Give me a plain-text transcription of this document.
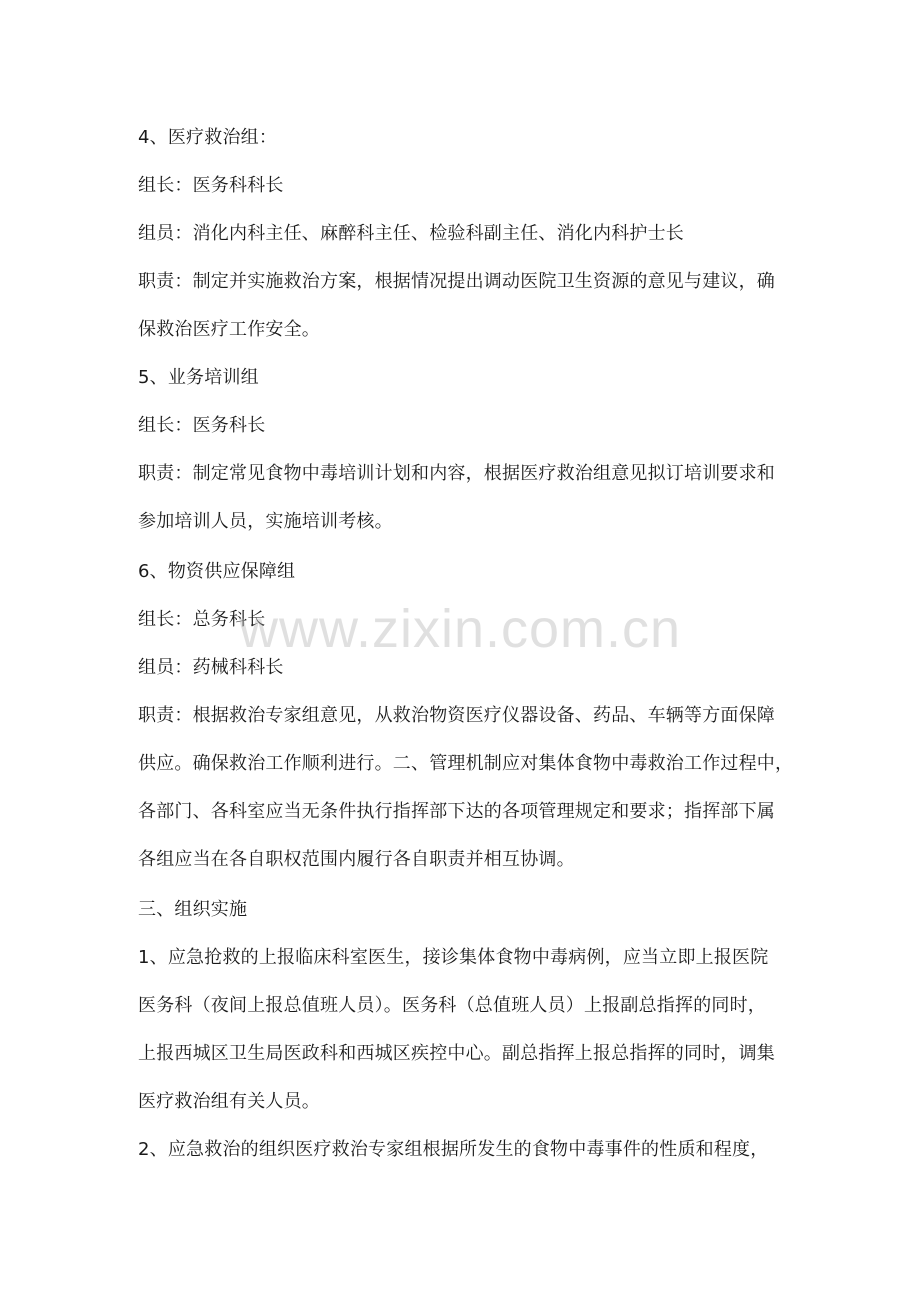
4、医疗救治组：
组长：医务科科长
组员：消化内科主任、麻醉科主任、检验科副主任、消化内科护士长
职责：制定并实施救治方案，根据情况提出调动医院卫生资源的意见与建议，确
保救治医疗工作安全。
5、业务培训组
组长：医务科长
职责：制定常见食物中毒培训计划和内容，根据医疗救治组意见拟订培训要求和
参加培训人员，实施培训考核。
6、物资供应保障组
组长：总务科长
组员：药械科科长
职责：根据救治专家组意见，从救治物资医疗仪器设备、药品、车辆等方面保障
供应。确保救治工作顺利进行。二、管理机制应对集体食物中毒救治工作过程中，
各部门、各科室应当无条件执行指挥部下达的各项管理规定和要求；指挥部下属
各组应当在各自职权范围内履行各自职责并相互协调。
三、组织实施
1、应急抢救的上报临床科室医生，接诊集体食物中毒病例，应当立即上报医院
医务科（夜间上报总值班人员）。医务科（总值班人员）上报副总指挥的同时，
上报西城区卫生局医政科和西城区疾控中心。副总指挥上报总指挥的同时，调集
医疗救治组有关人员。
2、应急救治的组织医疗救治专家组根据所发生的食物中毒事件的性质和程度，
www.zixin.com.cn
